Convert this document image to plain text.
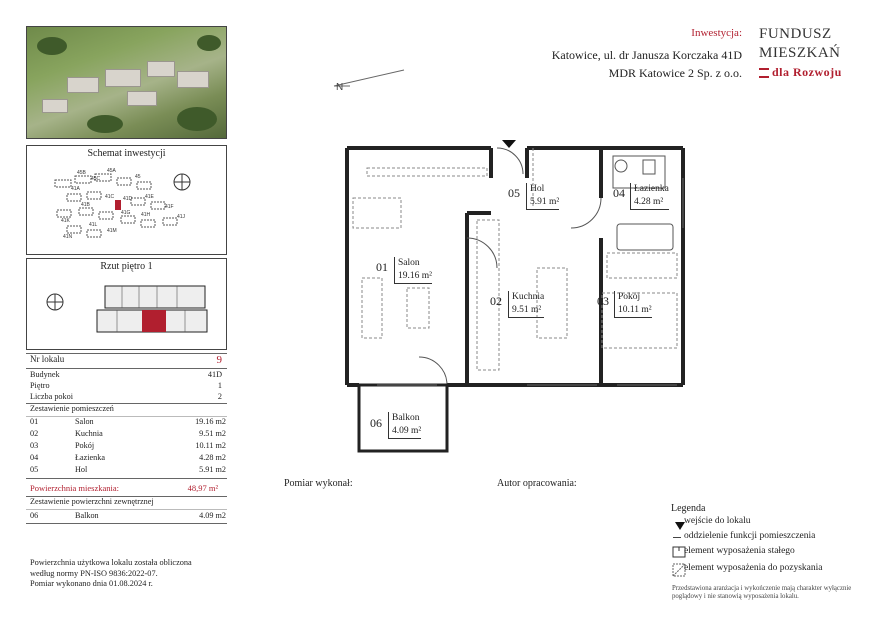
Schemat inwestycji
45B
45C
45A
45
41C 41D
41A
41E
41B	41F
41G 41H	41J
41K
41L
41M
41N
Rzut piętro 1
Nr lokalu	9
Budynek	41D
Piętro	1
Liczba pokoi	2
Zestawienie pomieszczeń
01	Salon	19.16 m2
02	Kuchnia	9.51 m2
03	Pokój	10.11 m2
04	Łazienka	4.28 m2
05	Hol	5.91 m2
Powierzchnia mieszkania:	48,97 m²
Zestawienie powierzchni zewnętrznej
06	Balkon	4.09 m2
Powierzchnia użytkowa lokalu została obliczona
według normy PN-ISO 9836:2022-07.
Pomiar wykonano dnia 01.08.2024 r.
Inwestycja:
Katowice, ul. dr Janusza Korczaka 41D
MDR Katowice 2 Sp. z o.o.
FUNDUSZ
MIESZKAŃ
dla Rozwoju
N
01 Salon
19.16 m²
02 Kuchnia
9.51 m²
03 Pokój
10.11 m²
04 Łazienka
4.28 m²
05 Hol
5.91 m²
06 Balkon
4.09 m²
Pomiar wykonał:	Autor opracowania:
Legenda
wejście do lokalu
oddzielenie funkcji pomieszczenia
element wyposażenia stałego
element wyposażenia do pozyskania
Przedstawiona aranżacja i wykończenie mają charakter wyłącznie
poglądowy i nie stanowią wyposażenia lokalu.
